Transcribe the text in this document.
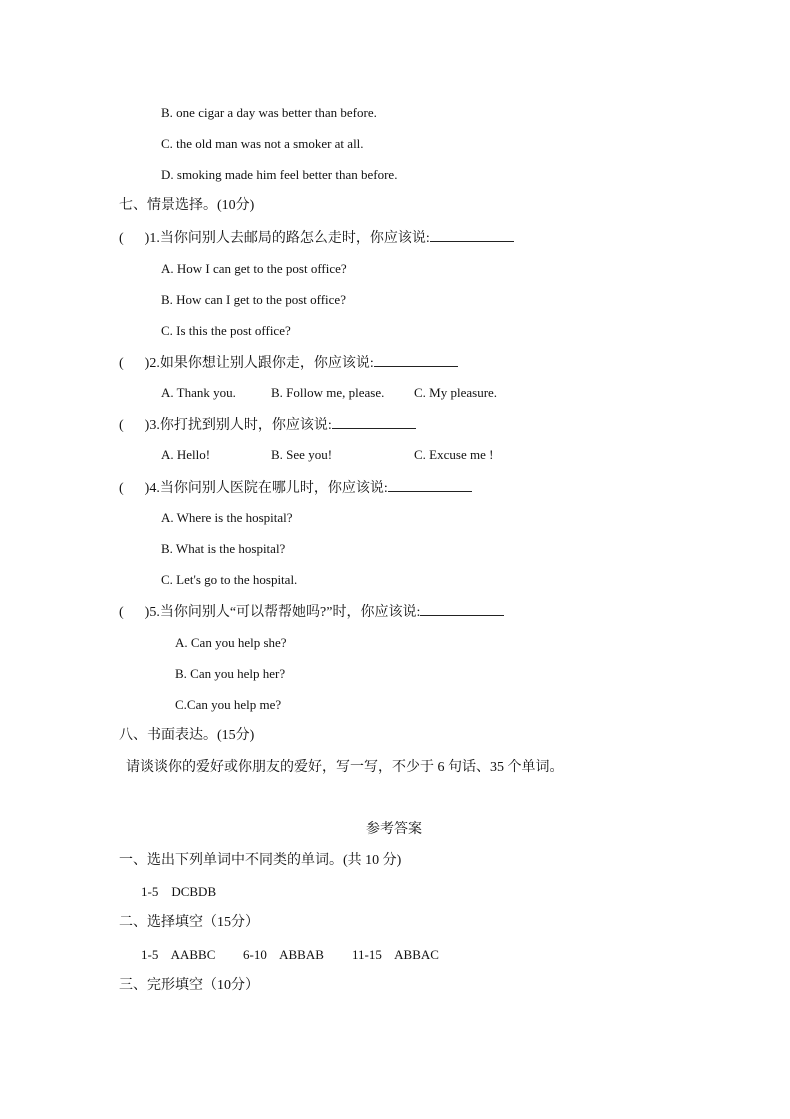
B. one cigar a day was better than before.
C. the old man was not a smoker at all.
D. smoking made him feel better than before.
七、情景选择。(10分)
(      )1.当你问别人去邮局的路怎么走时，你应该说:
A. How I can get to the post office?
B. How can I get to the post office?
C. Is this the post office?
(      )2.如果你想让别人跟你走，你应该说:
A. Thank you.	B. Follow me, please. C. My pleasure.
(      )3.你打扰到别人时，你应该说:
A. Hello!	B. See you!	C. Excuse me !
(      )4.当你问别人医院在哪儿时，你应该说:
A. Where is the hospital?
B. What is the hospital?
C. Let's go to the hospital.
(      )5.当你问别人“可以帮帮她吗?”时，你应该说:
A. Can you help she?
B. Can you help her?
C.Can you help me?
八、书面表达。(15分)
请谈谈你的爱好或你朋友的爱好，写一写，不少于 6 句话、35 个单词。
参考答案
一、选出下列单词中不同类的单词。(共 10 分)
1-5    DCBDB
二、选择填空（15分）
1-5    AABBC 6-10    ABBAB 11-15    ABBAC
三、完形填空（10分）
